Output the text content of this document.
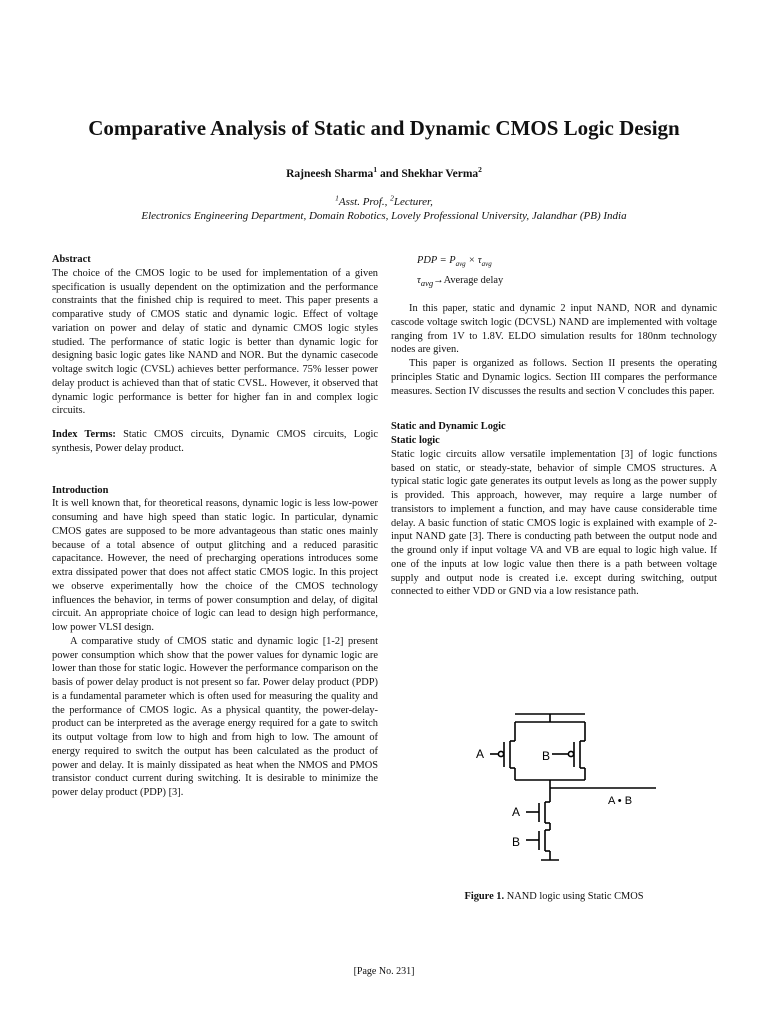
Comparative Analysis of Static and Dynamic CMOS Logic Design
Rajneesh Sharma$^1$ and Shekhar Verma$^2$
$^1$Asst. Prof., $^2$Lecturer,
Electronics Engineering Department, Domain Robotics, Lovely Professional University, Jalandhar (PB) India

Abstract

The choice of the CMOS logic to be used for implementation of a given specification is usually dependent on the optimization and the performance constraints that the finished chip is required to meet. This paper presents a comparative study of CMOS static and dynamic logic. Effect of voltage variation on power and delay of static and dynamic CMOS logic styles studied. The performance of static logic is better than dynamic logic for designing basic logic gates like NAND and NOR. But the dynamic casecode voltage switch logic (CVSL) achieves better performance. 75% lesser power delay product is achieved than that of static CVSL. However, it observed that dynamic logic performance is better for higher fan in and complex logic circuits.

Index Terms: Static CMOS circuits, Dynamic CMOS circuits, Logic synthesis, Power delay product.

Introduction

It is well known that, for theoretical reasons, dynamic logic is less low-power consuming and have high speed than static logic. In particular, dynamic CMOS gates are supposed to be more advantageous than static ones mainly because of a total absence of output glitching and a reduced parasitic capacitance. However, the need of precharging operations introduces some extra dissipated power that does not affect static CMOS logic. In this project we observe experimentally how the choice of the CMOS technology influences the behavior, in terms of power consumption and delay, of digital circuit. An appropriate choice of logic can lead to design high performance, low power VLSI design.

A comparative study of CMOS static and dynamic logic [1-2] present power consumption which show that the power values for dynamic logic are lower than those for static logic. However the performance comparison on the basis of power delay product is not present so far. Power delay product (PDP) is a fundamental parameter which is often used for measuring the quality and the performance of CMOS logic. As a physical quantity, the power-delay-product can be interpreted as the average energy required for a gate to switch its output voltage from low to high and from high to low. The amount of energy required to switch the output has been calculated as the product of power and delay. It is mainly dissipated as heat when the NMOS and PMOS transistor conduct current during switching. It is desirable to minimize the power delay product (PDP) [3].

PDP = $P_{avg} \times \tau_{avg}$
$\tau_{avg}\to Average$ delay

In this paper, static and dynamic 2 input NAND, NOR and dynamic cascode voltage switch logic (DCVSL) NAND are implemented with voltage ranging from 1V to 1.8V. ELDO simulation results for 180nm technology nodes are given.

This paper is organized as follows. Section II presents the operating principles Static and Dynamic logics. Section III compares the performance measures. Section IV discusses the results and section V concludes this paper.

Static and Dynamic Logic

Static logic

Static logic circuits allow versatile implementation [3] of logic functions based on static, or steady-state, behavior of simple CMOS structures. A typical static logic gate generates its output levels as long as the power supply is provided. This approach, however, may require a large number of transistors to implement a function, and may have cause considerable time delay. A basic function of static CMOS logic is explained with example of 2- input NAND gate [3]. There is conducting path between the output node and the ground only if input voltage VA and VB are equal to logic high value. If one of the inputs at low logic value then there is a path between voltage supply and output node is created i.e. except during switching, output connected to either VDD or GND via a low resistance path.

A	B
A • B
A
B
Figure 1. NAND logic using Static CMOS
[Page No. 231]
